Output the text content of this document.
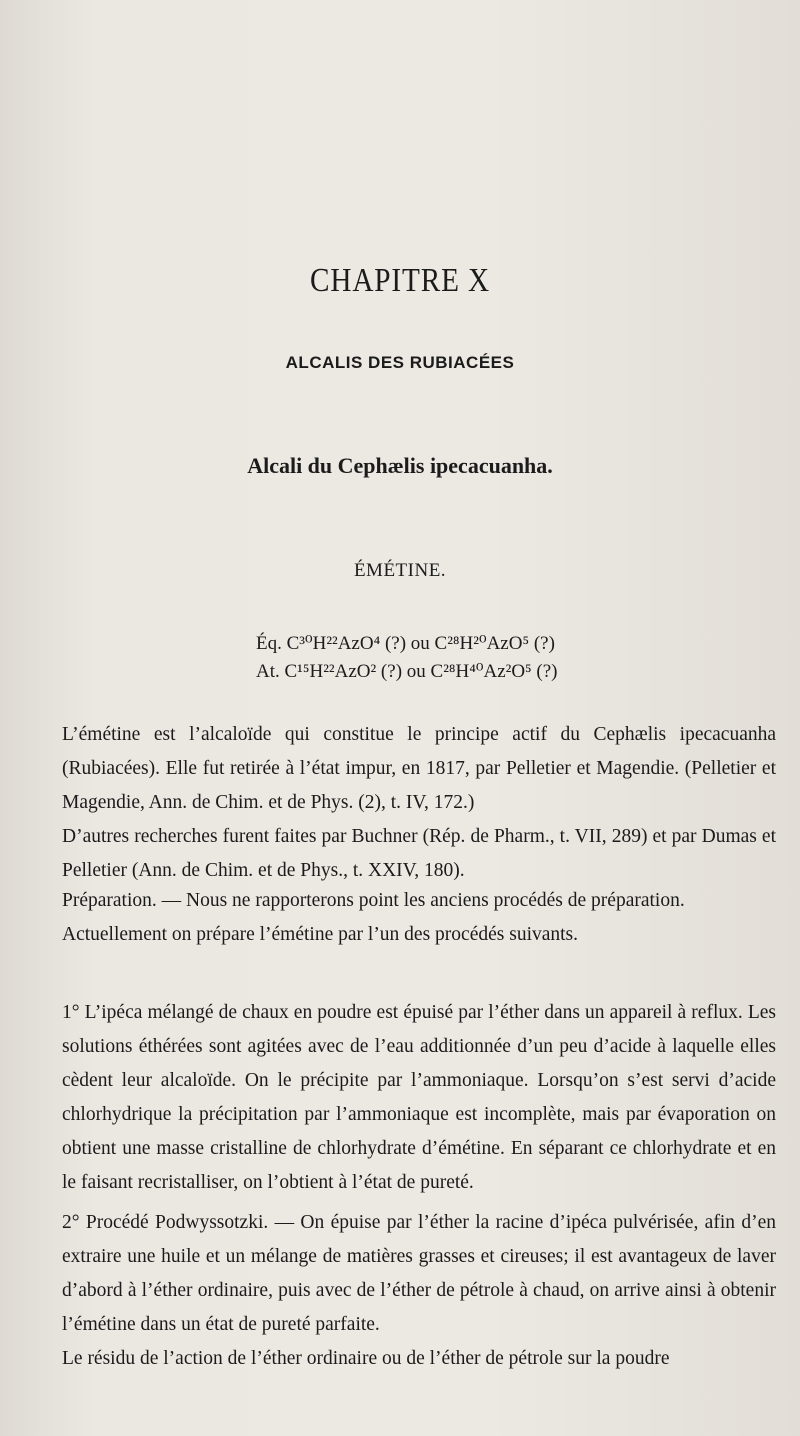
CHAPITRE X
ALCALIS DES RUBIACÉES
Alcali du Cephælis ipecacuanha.
ÉMÉTINE.
Éq. C³⁰H²²AzO⁴ (?) ou C²⁸H²⁰AzO⁵ (?)
At. C¹⁵H²²AzO² (?) ou C²⁸H⁴⁰Az²O⁵ (?)

L’émétine est l’alcaloïde qui constitue le principe actif du Cephælis ipecacuanha (Rubiacées). Elle fut retirée à l’état impur, en 1817, par Pelletier et Magendie. (Pelletier et Magendie, Ann. de Chim. et de Phys. (2), t. IV, 172.)

D’autres recherches furent faites par Buchner (Rép. de Pharm., t. VII, 289) et par Dumas et Pelletier (Ann. de Chim. et de Phys., t. XXIV, 180).

Préparation. — Nous ne rapporterons point les anciens procédés de préparation.

Actuellement on prépare l’émétine par l’un des procédés suivants.

1° L’ipéca mélangé de chaux en poudre est épuisé par l’éther dans un appareil à reflux. Les solutions éthérées sont agitées avec de l’eau additionnée d’un peu d’acide à laquelle elles cèdent leur alcaloïde. On le précipite par l’ammoniaque. Lorsqu’on s’est servi d’acide chlorhydrique la précipitation par l’ammoniaque est incomplète, mais par évaporation on obtient une masse cristalline de chlorhydrate d’émétine. En séparant ce chlorhydrate et en le faisant recristalliser, on l’obtient à l’état de pureté.

2° Procédé Podwyssotzki. — On épuise par l’éther la racine d’ipéca pulvérisée, afin d’en extraire une huile et un mélange de matières grasses et cireuses; il est avantageux de laver d’abord à l’éther ordinaire, puis avec de l’éther de pétrole à chaud, on arrive ainsi à obtenir l’émétine dans un état de pureté parfaite.

Le résidu de l’action de l’éther ordinaire ou de l’éther de pétrole sur la poudre
